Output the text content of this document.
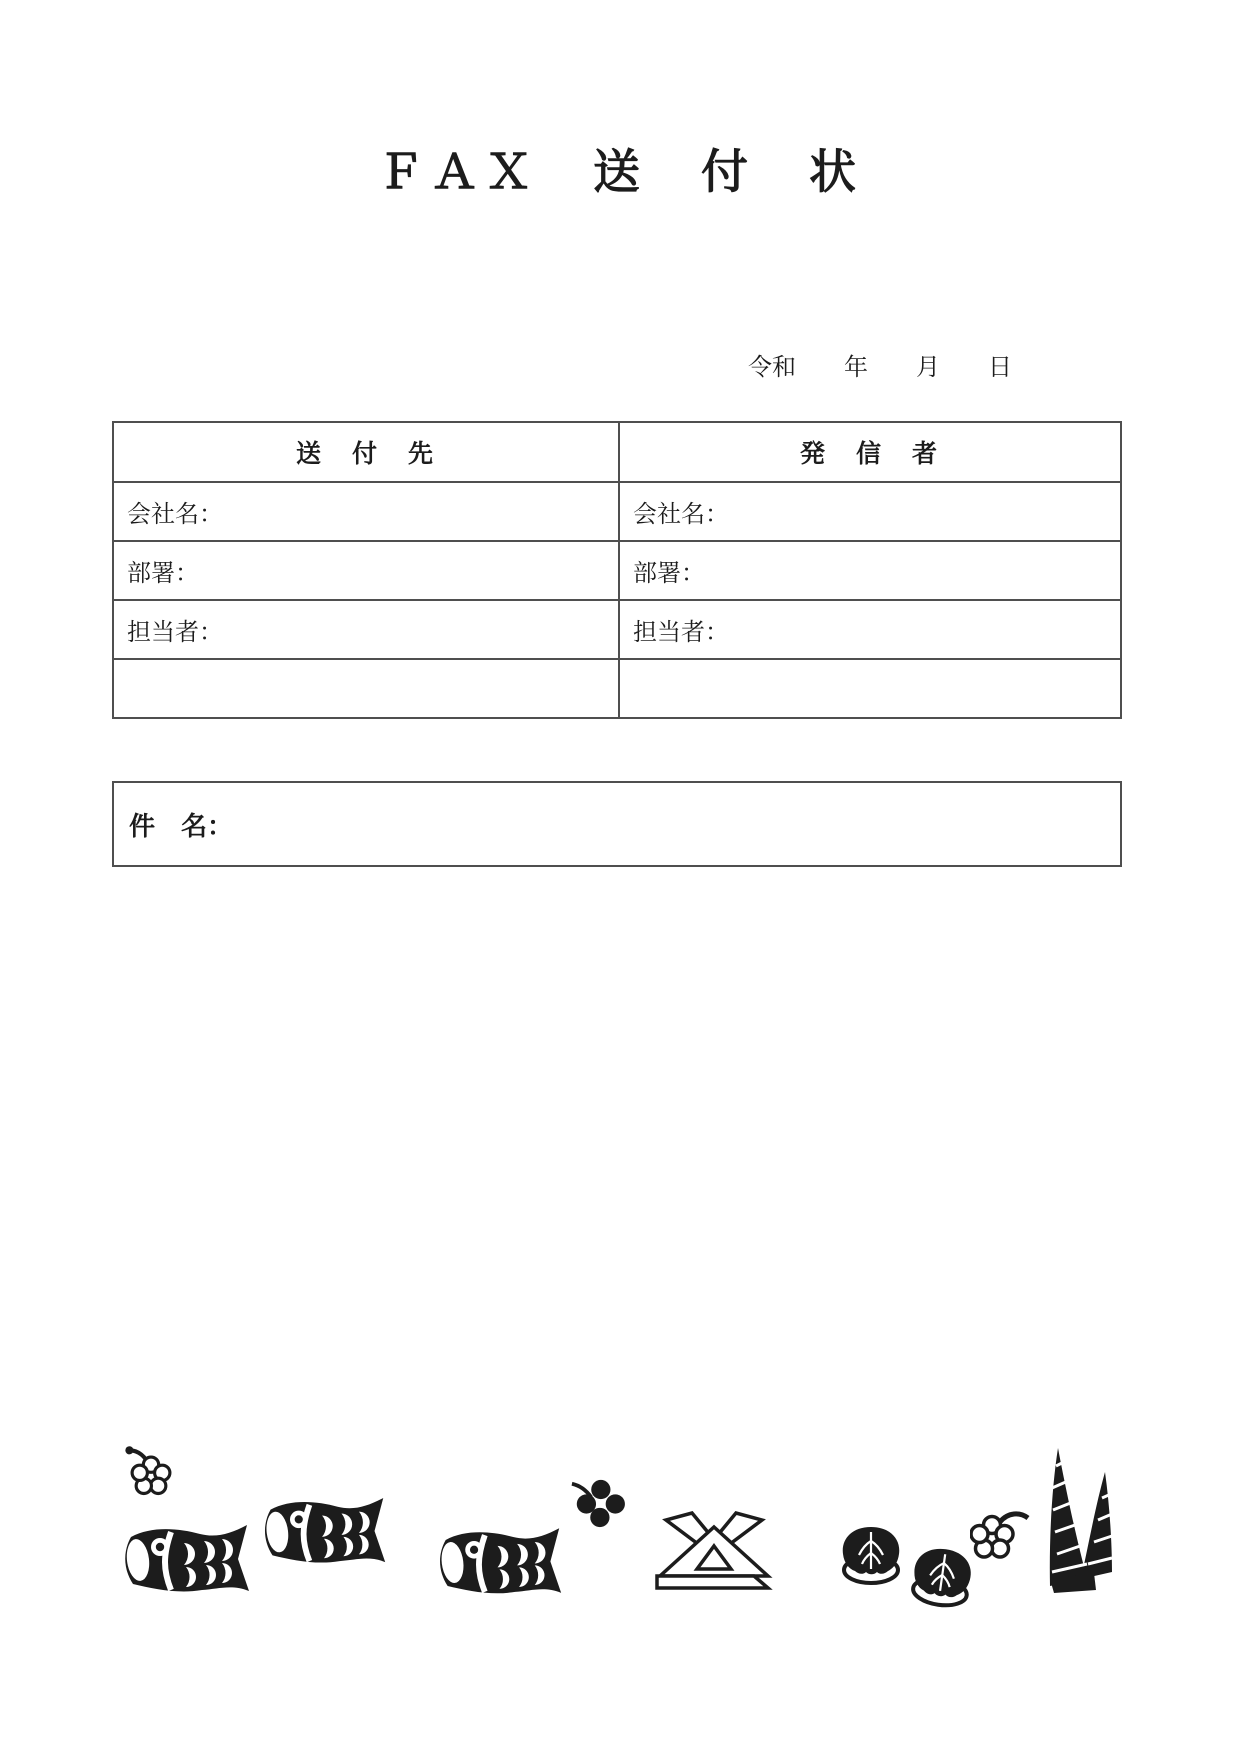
ＦＡＸ　送　付　状

令和　　年　　月　　日

送　付　先	発　信　者
会社名：	会社名：
部署：	部署：
担当者：	担当者：

件　名：
